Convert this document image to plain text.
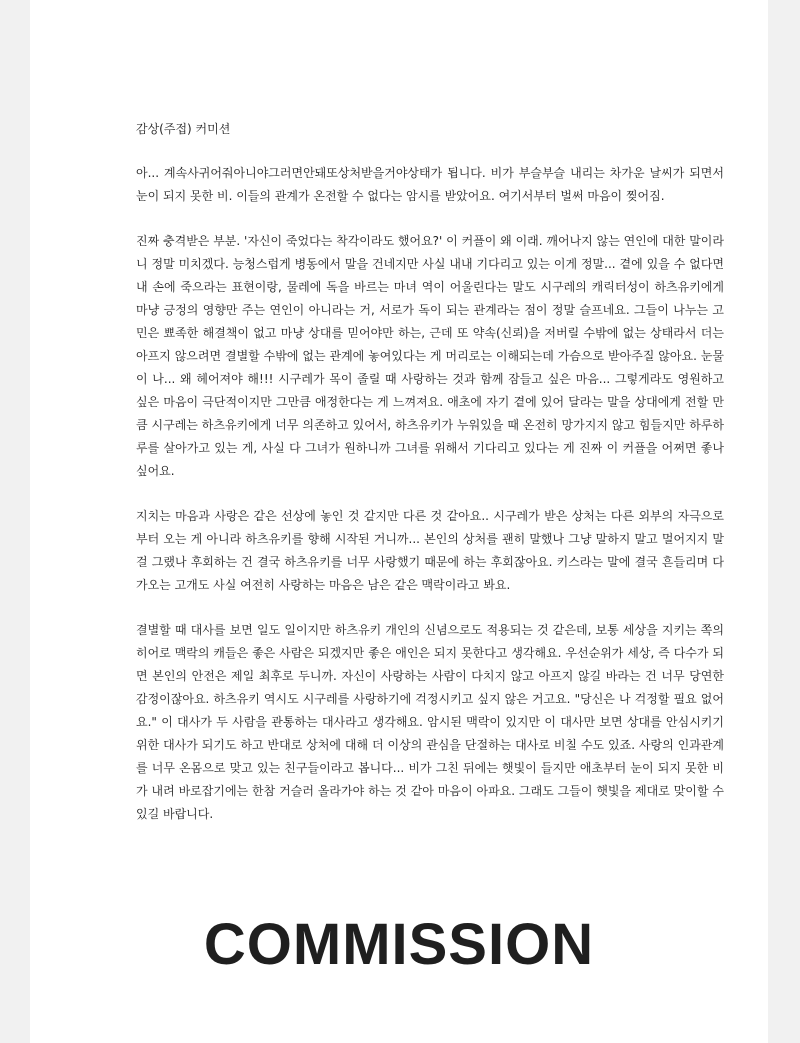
감상(주접) 커미션

아... 계속사귀어줘아니야그러면안돼또상처받을거야상태가 됩니다. 비가 부슬부슬 내리는 차가운 날씨가 되면서 눈이 되지 못한 비. 이들의 관계가 온전할 수 없다는 암시를 받았어요. 여기서부터 벌써 마음이 찢어짐.

진짜 충격받은 부분. '자신이 죽었다는 착각이라도 했어요?' 이 커플이 왜 이래. 깨어나지 않는 연인에 대한 말이라니 정말 미치겠다. 능청스럽게 병동에서 말을 건네지만 사실 내내 기다리고 있는 이게 정말... 곁에 있을 수 없다면 내 손에 죽으라는 표현이랑, 물레에 독을 바르는 마녀 역이 어울린다는 말도 시구레의 캐릭터성이 하츠유키에게 마냥 긍정의 영향만 주는 연인이 아니라는 거, 서로가 독이 되는 관계라는 점이 정말 슬프네요. 그들이 나누는 고민은 뾰족한 해결책이 없고 마냥 상대를 믿어야만 하는, 근데 또 약속(신뢰)을 저버릴 수밖에 없는 상태라서 더는 아프지 않으려면 결별할 수밖에 없는 관계에 놓여있다는 게 머리로는 이해되는데 가슴으로 받아주질 않아요. 눈물이 나... 왜 헤어져야 해!!! 시구레가 목이 졸릴 때 사랑하는 것과 함께 잠들고 싶은 마음... 그렇게라도 영원하고 싶은 마음이 극단적이지만 그만큼 애정한다는 게 느껴져요. 애초에 자기 곁에 있어 달라는 말을 상대에게 전할 만큼 시구레는 하츠유키에게 너무 의존하고 있어서, 하츠유키가 누워있을 때 온전히 망가지지 않고 힘들지만 하루하루를 살아가고 있는 게, 사실 다 그녀가 원하니까 그녀를 위해서 기다리고 있다는 게 진짜 이 커플을 어쩌면 좋나 싶어요.

지치는 마음과 사랑은 같은 선상에 놓인 것 같지만 다른 것 같아요.. 시구레가 받은 상처는 다른 외부의 자극으로부터 오는 게 아니라 하츠유키를 향해 시작된 거니까... 본인의 상처를 괜히 말했나 그냥 말하지 말고 멀어지지 말 걸 그랬나 후회하는 건 결국 하츠유키를 너무 사랑했기 때문에 하는 후회잖아요. 키스라는 말에 결국 흔들리며 다가오는 고개도 사실 여전히 사랑하는 마음은 남은 같은 맥락이라고 봐요.

결별할 때 대사를 보면 일도 일이지만 하츠유키 개인의 신념으로도 적용되는 것 같은데, 보통 세상을 지키는 쪽의 히어로 맥락의 캐들은 좋은 사람은 되겠지만 좋은 애인은 되지 못한다고 생각해요. 우선순위가 세상, 즉 다수가 되면 본인의 안전은 제일 최후로 두니까. 자신이 사랑하는 사람이 다치지 않고 아프지 않길 바라는 건 너무 당연한 감정이잖아요. 하츠유키 역시도 시구레를 사랑하기에 걱정시키고 싶지 않은 거고요. "당신은 나 걱정할 필요 없어요." 이 대사가 두 사람을 관통하는 대사라고 생각해요. 암시된 맥락이 있지만 이 대사만 보면 상대를 안심시키기 위한 대사가 되기도 하고 반대로 상처에 대해 더 이상의 관심을 단절하는 대사로 비칠 수도 있죠. 사랑의 인과관계를 너무 온몸으로 맞고 있는 친구들이라고 봅니다... 비가 그친 뒤에는 햇빛이 들지만 애초부터 눈이 되지 못한 비가 내려 바로잡기에는 한참 거슬러 올라가야 하는 것 같아 마음이 아파요. 그래도 그들이 햇빛을 제대로 맞이할 수 있길 바랍니다.

COMMISSION
